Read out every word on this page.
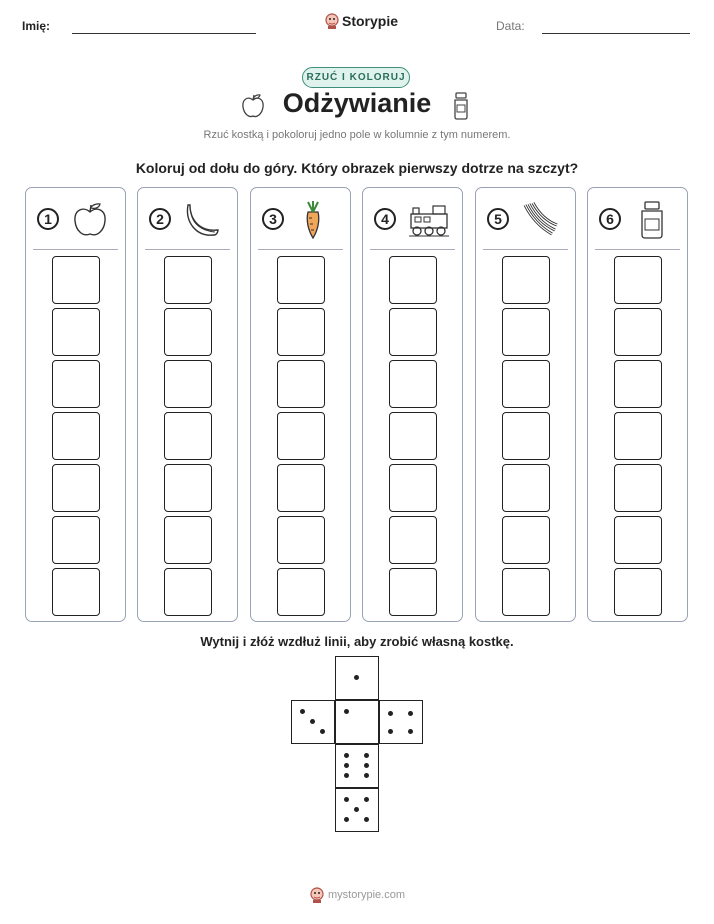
Imię:	Storypie	Data:
RZUĆ I KOLORUJ
Odżywianie
Rzuć kostką i pokoloruj jedno pole w kolumnie z tym numerem.
Koloruj od dołu do góry. Który obrazek pierwszy dotrze na szczyt?
1	2	3	4	5	6
Wytnij i złóż wzdłuż linii, aby zrobić własną kostkę.
mystorypie.com
